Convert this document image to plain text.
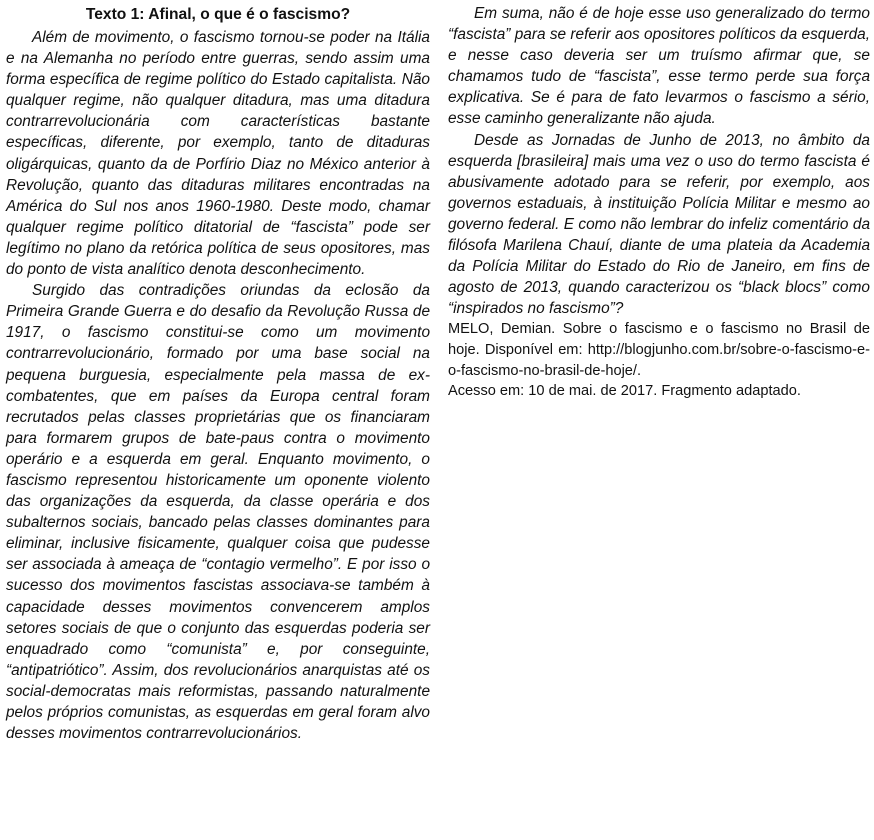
Texto 1: Afinal, o que é o fascismo?

Além de movimento, o fascismo tornou-se poder na Itália e na Alemanha no período entre guerras, sendo assim uma forma específica de regime político do Estado capitalista. Não qualquer regime, não qualquer ditadura, mas uma ditadura contrarrevolucionária com características bastante específicas, diferente, por exemplo, tanto de ditaduras oligárquicas, quanto da de Porfírio Diaz no México anterior à Revolução, quanto das ditaduras militares encontradas na América do Sul nos anos 1960-1980. Deste modo, chamar qualquer regime político ditatorial de “fascista” pode ser legítimo no plano da retórica política de seus opositores, mas do ponto de vista analítico denota desconhecimento.

Surgido das contradições oriundas da eclosão da Primeira Grande Guerra e do desafio da Revolução Russa de 1917, o fascismo constitui-se como um movimento contrarrevolucionário, formado por uma base social na pequena burguesia, especialmente pela massa de ex-combatentes, que em países da Europa central foram recrutados pelas classes proprietárias que os financiaram para formarem grupos de bate-paus contra o movimento operário e a esquerda em geral. Enquanto movimento, o fascismo representou historicamente um oponente violento das organizações da esquerda, da classe operária e dos subalternos sociais, bancado pelas classes dominantes para eliminar, inclusive fisicamente, qualquer coisa que pudesse ser associada à ameaça de “contagio vermelho”. E por isso o sucesso dos movimentos fascistas associava-se também à capacidade desses movimentos convencerem amplos setores sociais de que o conjunto das esquerdas poderia ser enquadrado como “comunista” e, por conseguinte, “antipatriótico”. Assim, dos revolucionários anarquistas até os social-democratas mais reformistas, passando naturalmente pelos próprios comunistas, as esquerdas em geral foram alvo desses movimentos contrarrevolucionários.

Em suma, não é de hoje esse uso generalizado do termo “fascista” para se referir aos opositores políticos da esquerda, e nesse caso deveria ser um truísmo afirmar que, se chamamos tudo de “fascista”, esse termo perde sua força explicativa. Se é para de fato levarmos o fascismo a sério, esse caminho generalizante não ajuda.

Desde as Jornadas de Junho de 2013, no âmbito da esquerda [brasileira] mais uma vez o uso do termo fascista é abusivamente adotado para se referir, por exemplo, aos governos estaduais, à instituição Polícia Militar e mesmo ao governo federal. E como não lembrar do infeliz comentário da filósofa Marilena Chauí, diante de uma plateia da Academia da Polícia Militar do Estado do Rio de Janeiro, em fins de agosto de 2013, quando caracterizou os “black blocs” como “inspirados no fascismo”?

MELO, Demian. Sobre o fascismo e o fascismo no Brasil de hoje. Disponível em: http://blogjunho.com.br/sobre-o-fascismo-e-o-fascismo-no-brasil-de-hoje/.

Acesso em: 10 de mai. de 2017. Fragmento adaptado.
